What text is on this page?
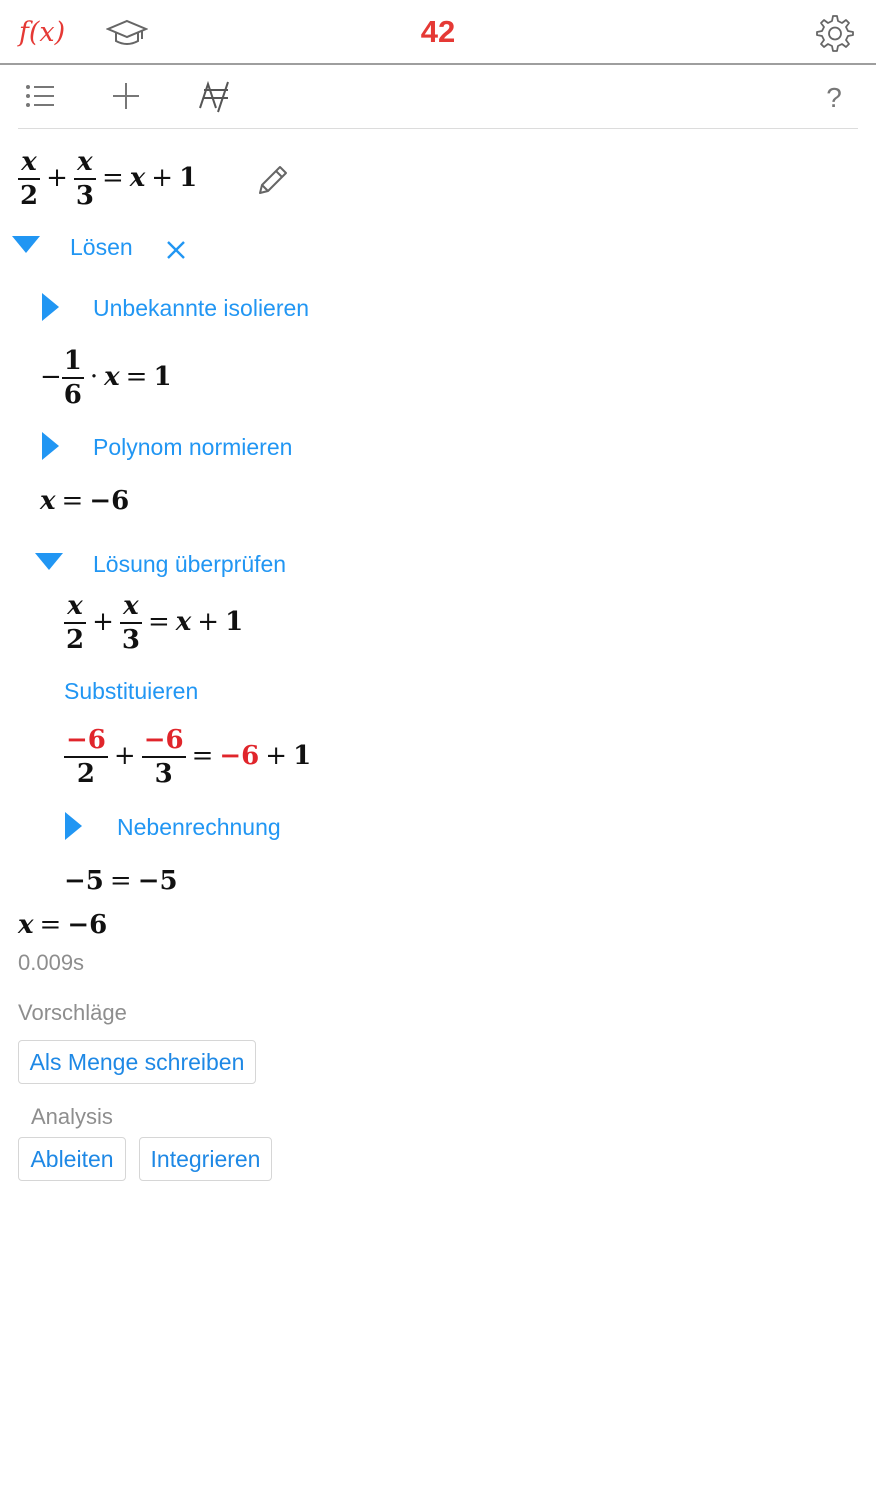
f(x)	42
?
$\frac{x}{2} + \frac{x}{3} = x + 1$
Lösen
Unbekannte isolieren
− $\frac{1}{6} \cdot x = 1$
Polynom normieren
x = −6
Lösung überprüfen
$\frac{x}{2} + \frac{x}{3} = x + 1$
Substituieren
$\frac{-6}{2} + \frac{-6}{3} = -6 + 1$
Nebenrechnung
−5 = −5
x = −6
0.009s
Vorschläge
Als Menge schreiben
Analysis
Ableiten	Integrieren
